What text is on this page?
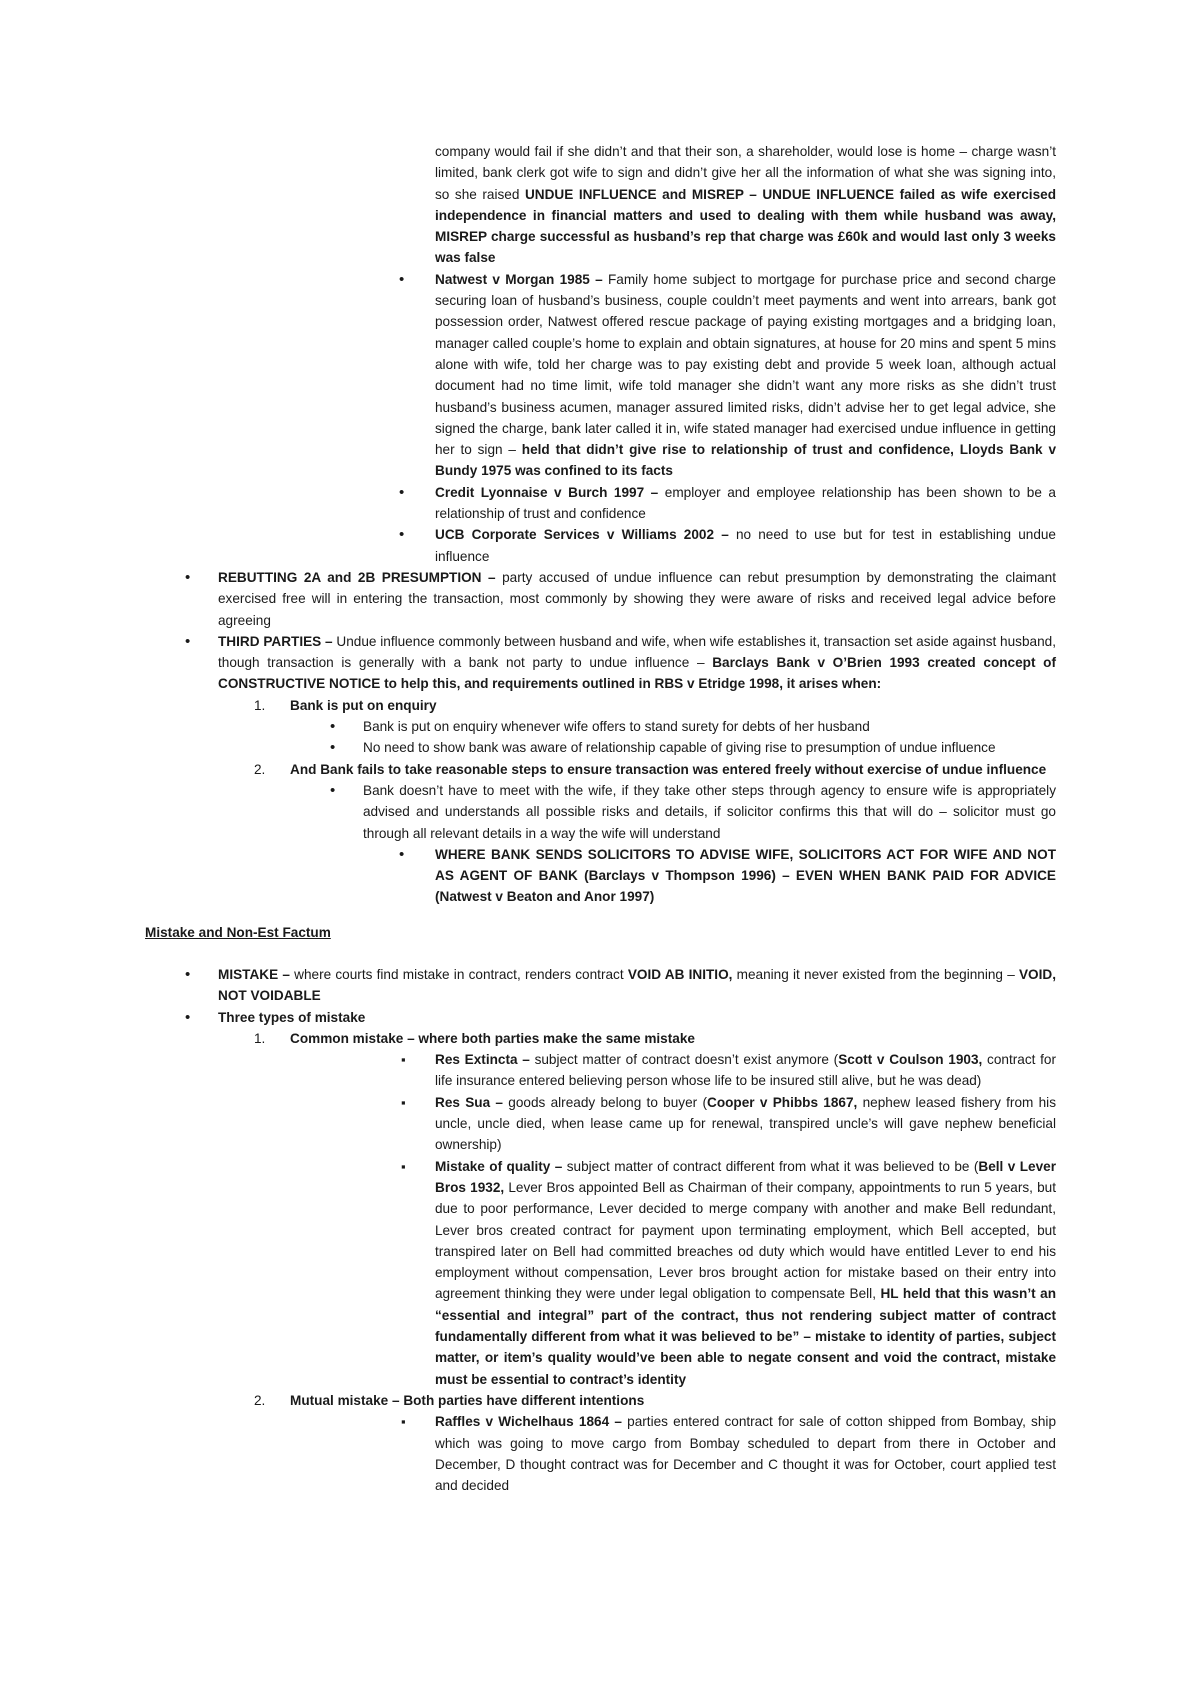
company would fail if she didn’t and that their son, a shareholder, would lose is home – charge wasn’t limited, bank clerk got wife to sign and didn’t give her all the information of what she was signing into, so she raised UNDUE INFLUENCE and MISREP – UNDUE INFLUENCE failed as wife exercised independence in financial matters and used to dealing with them while husband was away, MISREP charge successful as husband’s rep that charge was £60k and would last only 3 weeks was false
• Natwest v Morgan 1985 – Family home subject to mortgage for purchase price and second charge securing loan of husband’s business, couple couldn’t meet payments and went into arrears, bank got possession order, Natwest offered rescue package of paying existing mortgages and a bridging loan, manager called couple’s home to explain and obtain signatures, at house for 20 mins and spent 5 mins alone with wife, told her charge was to pay existing debt and provide 5 week loan, although actual document had no time limit, wife told manager she didn’t want any more risks as she didn’t trust husband’s business acumen, manager assured limited risks, didn’t advise her to get legal advice, she signed the charge, bank later called it in, wife stated manager had exercised undue influence in getting her to sign – held that didn’t give rise to relationship of trust and confidence, Lloyds Bank v Bundy 1975 was confined to its facts
• Credit Lyonnaise v Burch 1997 – employer and employee relationship has been shown to be a relationship of trust and confidence
• UCB Corporate Services v Williams 2002 – no need to use but for test in establishing undue influence
• REBUTTING 2A and 2B PRESUMPTION – party accused of undue influence can rebut presumption by demonstrating the claimant exercised free will in entering the transaction, most commonly by showing they were aware of risks and received legal advice before agreeing
• THIRD PARTIES – Undue influence commonly between husband and wife, when wife establishes it, transaction set aside against husband, though transaction is generally with a bank not party to undue influence – Barclays Bank v O’Brien 1993 created concept of CONSTRUCTIVE NOTICE to help this, and requirements outlined in RBS v Etridge 1998, it arises when:
1. Bank is put on enquiry
• Bank is put on enquiry whenever wife offers to stand surety for debts of her husband
• No need to show bank was aware of relationship capable of giving rise to presumption of undue influence
2. And Bank fails to take reasonable steps to ensure transaction was entered freely without exercise of undue influence
• Bank doesn’t have to meet with the wife, if they take other steps through agency to ensure wife is appropriately advised and understands all possible risks and details, if solicitor confirms this that will do – solicitor must go through all relevant details in a way the wife will understand
• WHERE BANK SENDS SOLICITORS TO ADVISE WIFE, SOLICITORS ACT FOR WIFE AND NOT AS AGENT OF BANK (Barclays v Thompson 1996) – EVEN WHEN BANK PAID FOR ADVICE (Natwest v Beaton and Anor 1997)
Mistake and Non-Est Factum
• MISTAKE – where courts find mistake in contract, renders contract VOID AB INITIO, meaning it never existed from the beginning – VOID, NOT VOIDABLE
• Three types of mistake
1. Common mistake – where both parties make the same mistake
▪ Res Extincta – subject matter of contract doesn’t exist anymore (Scott v Coulson 1903, contract for life insurance entered believing person whose life to be insured still alive, but he was dead)
▪ Res Sua – goods already belong to buyer (Cooper v Phibbs 1867, nephew leased fishery from his uncle, uncle died, when lease came up for renewal, transpired uncle’s will gave nephew beneficial ownership)
▪ Mistake of quality – subject matter of contract different from what it was believed to be (Bell v Lever Bros 1932, Lever Bros appointed Bell as Chairman of their company, appointments to run 5 years, but due to poor performance, Lever decided to merge company with another and make Bell redundant, Lever bros created contract for payment upon terminating employment, which Bell accepted, but transpired later on Bell had committed breaches od duty which would have entitled Lever to end his employment without compensation, Lever bros brought action for mistake based on their entry into agreement thinking they were under legal obligation to compensate Bell, HL held that this wasn’t an “essential and integral” part of the contract, thus not rendering subject matter of contract fundamentally different from what it was believed to be” – mistake to identity of parties, subject matter, or item’s quality would’ve been able to negate consent and void the contract, mistake must be essential to contract’s identity
2. Mutual mistake – Both parties have different intentions
▪ Raffles v Wichelhaus 1864 – parties entered contract for sale of cotton shipped from Bombay, ship which was going to move cargo from Bombay scheduled to depart from there in October and December, D thought contract was for December and C thought it was for October, court applied test and decided
